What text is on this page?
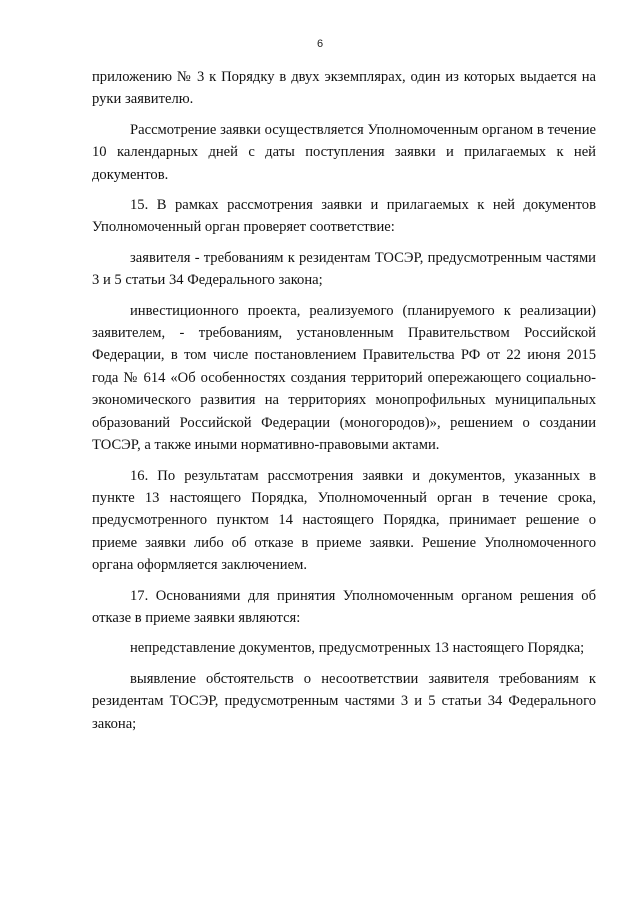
6

приложению № 3 к Порядку в двух экземплярах, один из которых выдается на руки заявителю.

Рассмотрение заявки осуществляется Уполномоченным органом в течение 10 календарных дней с даты поступления заявки и прилагаемых к ней документов.

15. В рамках рассмотрения заявки и прилагаемых к ней документов Уполномоченный орган проверяет соответствие:

заявителя - требованиям к резидентам ТОСЭР, предусмотренным частями 3 и 5 статьи 34 Федерального закона;

инвестиционного проекта, реализуемого (планируемого к реализации) заявителем, - требованиям, установленным Правительством Российской Федерации, в том числе постановлением Правительства РФ от 22 июня 2015 года № 614 «Об особенностях создания территорий опережающего социально-экономического развития на территориях монопрофильных муниципальных образований Российской Федерации (моногородов)», решением о создании ТОСЭР, а также иными нормативно-правовыми актами.

16. По результатам рассмотрения заявки и документов, указанных в пункте 13 настоящего Порядка, Уполномоченный орган в течение срока, предусмотренного пунктом 14 настоящего Порядка, принимает решение о приеме заявки либо об отказе в приеме заявки. Решение Уполномоченного органа оформляется заключением.

17. Основаниями для принятия Уполномоченным органом решения об отказе в приеме заявки являются:

непредставление документов, предусмотренных 13 настоящего Порядка;

выявление обстоятельств о несоответствии заявителя требованиям к резидентам ТОСЭР, предусмотренным частями 3 и 5 статьи 34 Федерального закона;
